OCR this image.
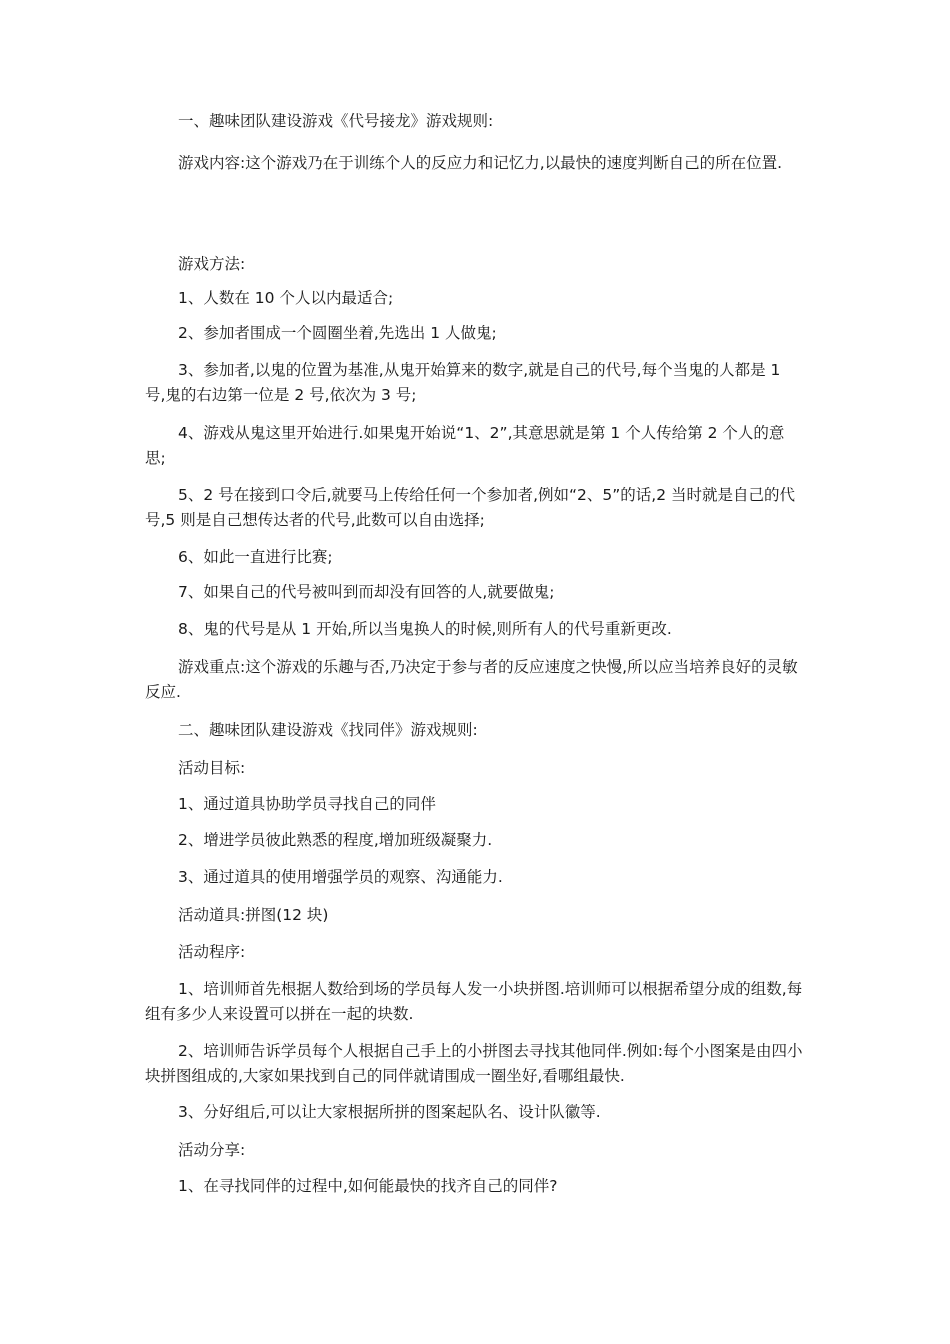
一、趣味团队建设游戏《代号接龙》游戏规则:

游戏内容:这个游戏乃在于训练个人的反应力和记忆力,以最快的速度判断自己的所在位置.

游戏方法:

1、人数在 10 个人以内最适合;

2、参加者围成一个圆圈坐着,先选出 1 人做鬼;

3、参加者,以鬼的位置为基准,从鬼开始算来的数字,就是自己的代号,每个当鬼的人都是 1 号,鬼的右边第一位是 2 号,依次为 3 号;

4、游戏从鬼这里开始进行.如果鬼开始说“1、2”,其意思就是第 1 个人传给第 2 个人的意思;

5、2 号在接到口令后,就要马上传给任何一个参加者,例如“2、5”的话,2 当时就是自己的代号,5 则是自己想传达者的代号,此数可以自由选择;

6、如此一直进行比赛;

7、如果自己的代号被叫到而却没有回答的人,就要做鬼;

8、鬼的代号是从 1 开始,所以当鬼换人的时候,则所有人的代号重新更改.

游戏重点:这个游戏的乐趣与否,乃决定于参与者的反应速度之快慢,所以应当培养良好的灵敏反应.

二、趣味团队建设游戏《找同伴》游戏规则:

活动目标:

1、通过道具协助学员寻找自己的同伴

2、增进学员彼此熟悉的程度,增加班级凝聚力.

3、通过道具的使用增强学员的观察、沟通能力.

活动道具:拼图(12 块)

活动程序:

1、培训师首先根据人数给到场的学员每人发一小块拼图.培训师可以根据希望分成的组数,每组有多少人来设置可以拼在一起的块数.

2、培训师告诉学员每个人根据自己手上的小拼图去寻找其他同伴.例如:每个小图案是由四小块拼图组成的,大家如果找到自己的同伴就请围成一圈坐好,看哪组最快.

3、分好组后,可以让大家根据所拼的图案起队名、设计队徽等.

活动分享:

1、在寻找同伴的过程中,如何能最快的找齐自己的同伴?
